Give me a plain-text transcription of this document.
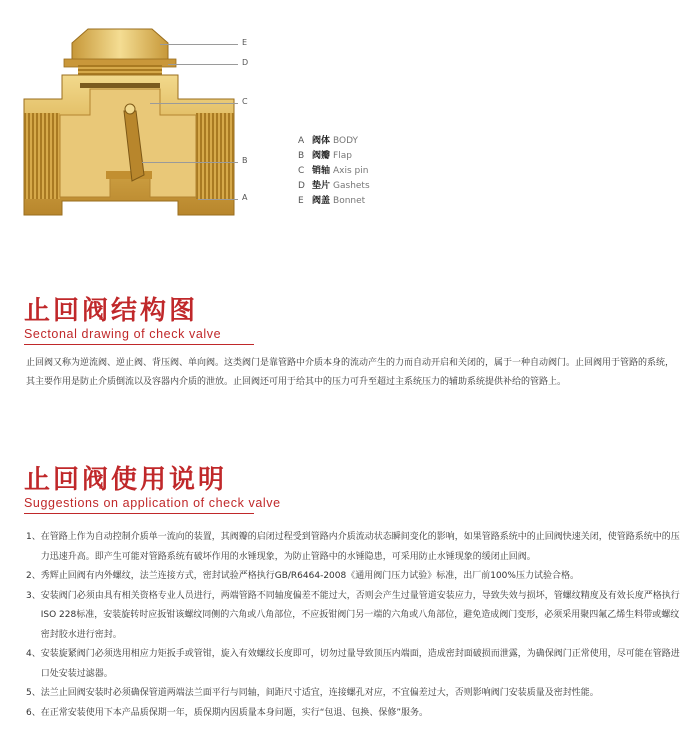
E
D
C
B
A
A 阀体 BODY
B 阀瓣 Flap
C 销轴 Axis pin
D 垫片 Gashets
E 阀盖 Bonnet
止回阀结构图
Sectonal drawing of check valve
止回阀又称为逆流阀、逆止阀、背压阀、单向阀。这类阀门是靠管路中介质本身的流动产生的力而自动开启和关闭的，属于一种自动阀门。止回阀用于管路的系统，其主要作用是防止介质倒流以及容器内介质的泄放。止回阀还可用于给其中的压力可升至超过主系统压力的辅助系统提供补给的管路上。
止回阀使用说明
Suggestions on application of check valve
1、 在管路上作为自动控制介质单一流向的装置，其阀瓣的启闭过程受到管路内介质流动状态瞬间变化的影响，如果管路系统中的止回阀快速关闭，使管路系统中的压力迅速升高。即产生可能对管路系统有破坏作用的水锤现象，为防止管路中的水锤隐患，可采用防止水锤现象的缓闭止回阀。
2、 秀辉止回阀有内外螺纹，法兰连接方式，密封试验严格执行GB/R6464-2008《通用阀门压力试验》标准，出厂前100%压力试验合格。
3、 安装阀门必须由具有相关资格专业人员进行，两端管路不同轴度偏差不能过大，否则会产生过量管道安装应力，导致失效与损坏，管螺纹精度及有效长度严格执行ISO 228标准，安装旋转时应扳钳该螺纹同侧的六角或八角部位，不应扳钳阀门另一端的六角或八角部位，避免造成阀门变形，必须采用聚四氟乙烯生料带或螺纹密封胶水进行密封。
4、 安装旋紧阀门必须选用相应力矩扳手或管钳，旋入有效螺纹长度即可，切勿过量导致顶压内端面，造成密封面破损而泄露，为确保阀门正常使用，尽可能在管路进口处安装过滤器。
5、 法兰止回阀安装时必须确保管道两端法兰面平行与同轴，间距尺寸适宜，连接螺孔对应，不宜偏差过大，否则影响阀门安装质量及密封性能。
6、 在正常安装使用下本产品质保期一年，质保期内因质量本身问题，实行“包退、包换、保修”服务。
